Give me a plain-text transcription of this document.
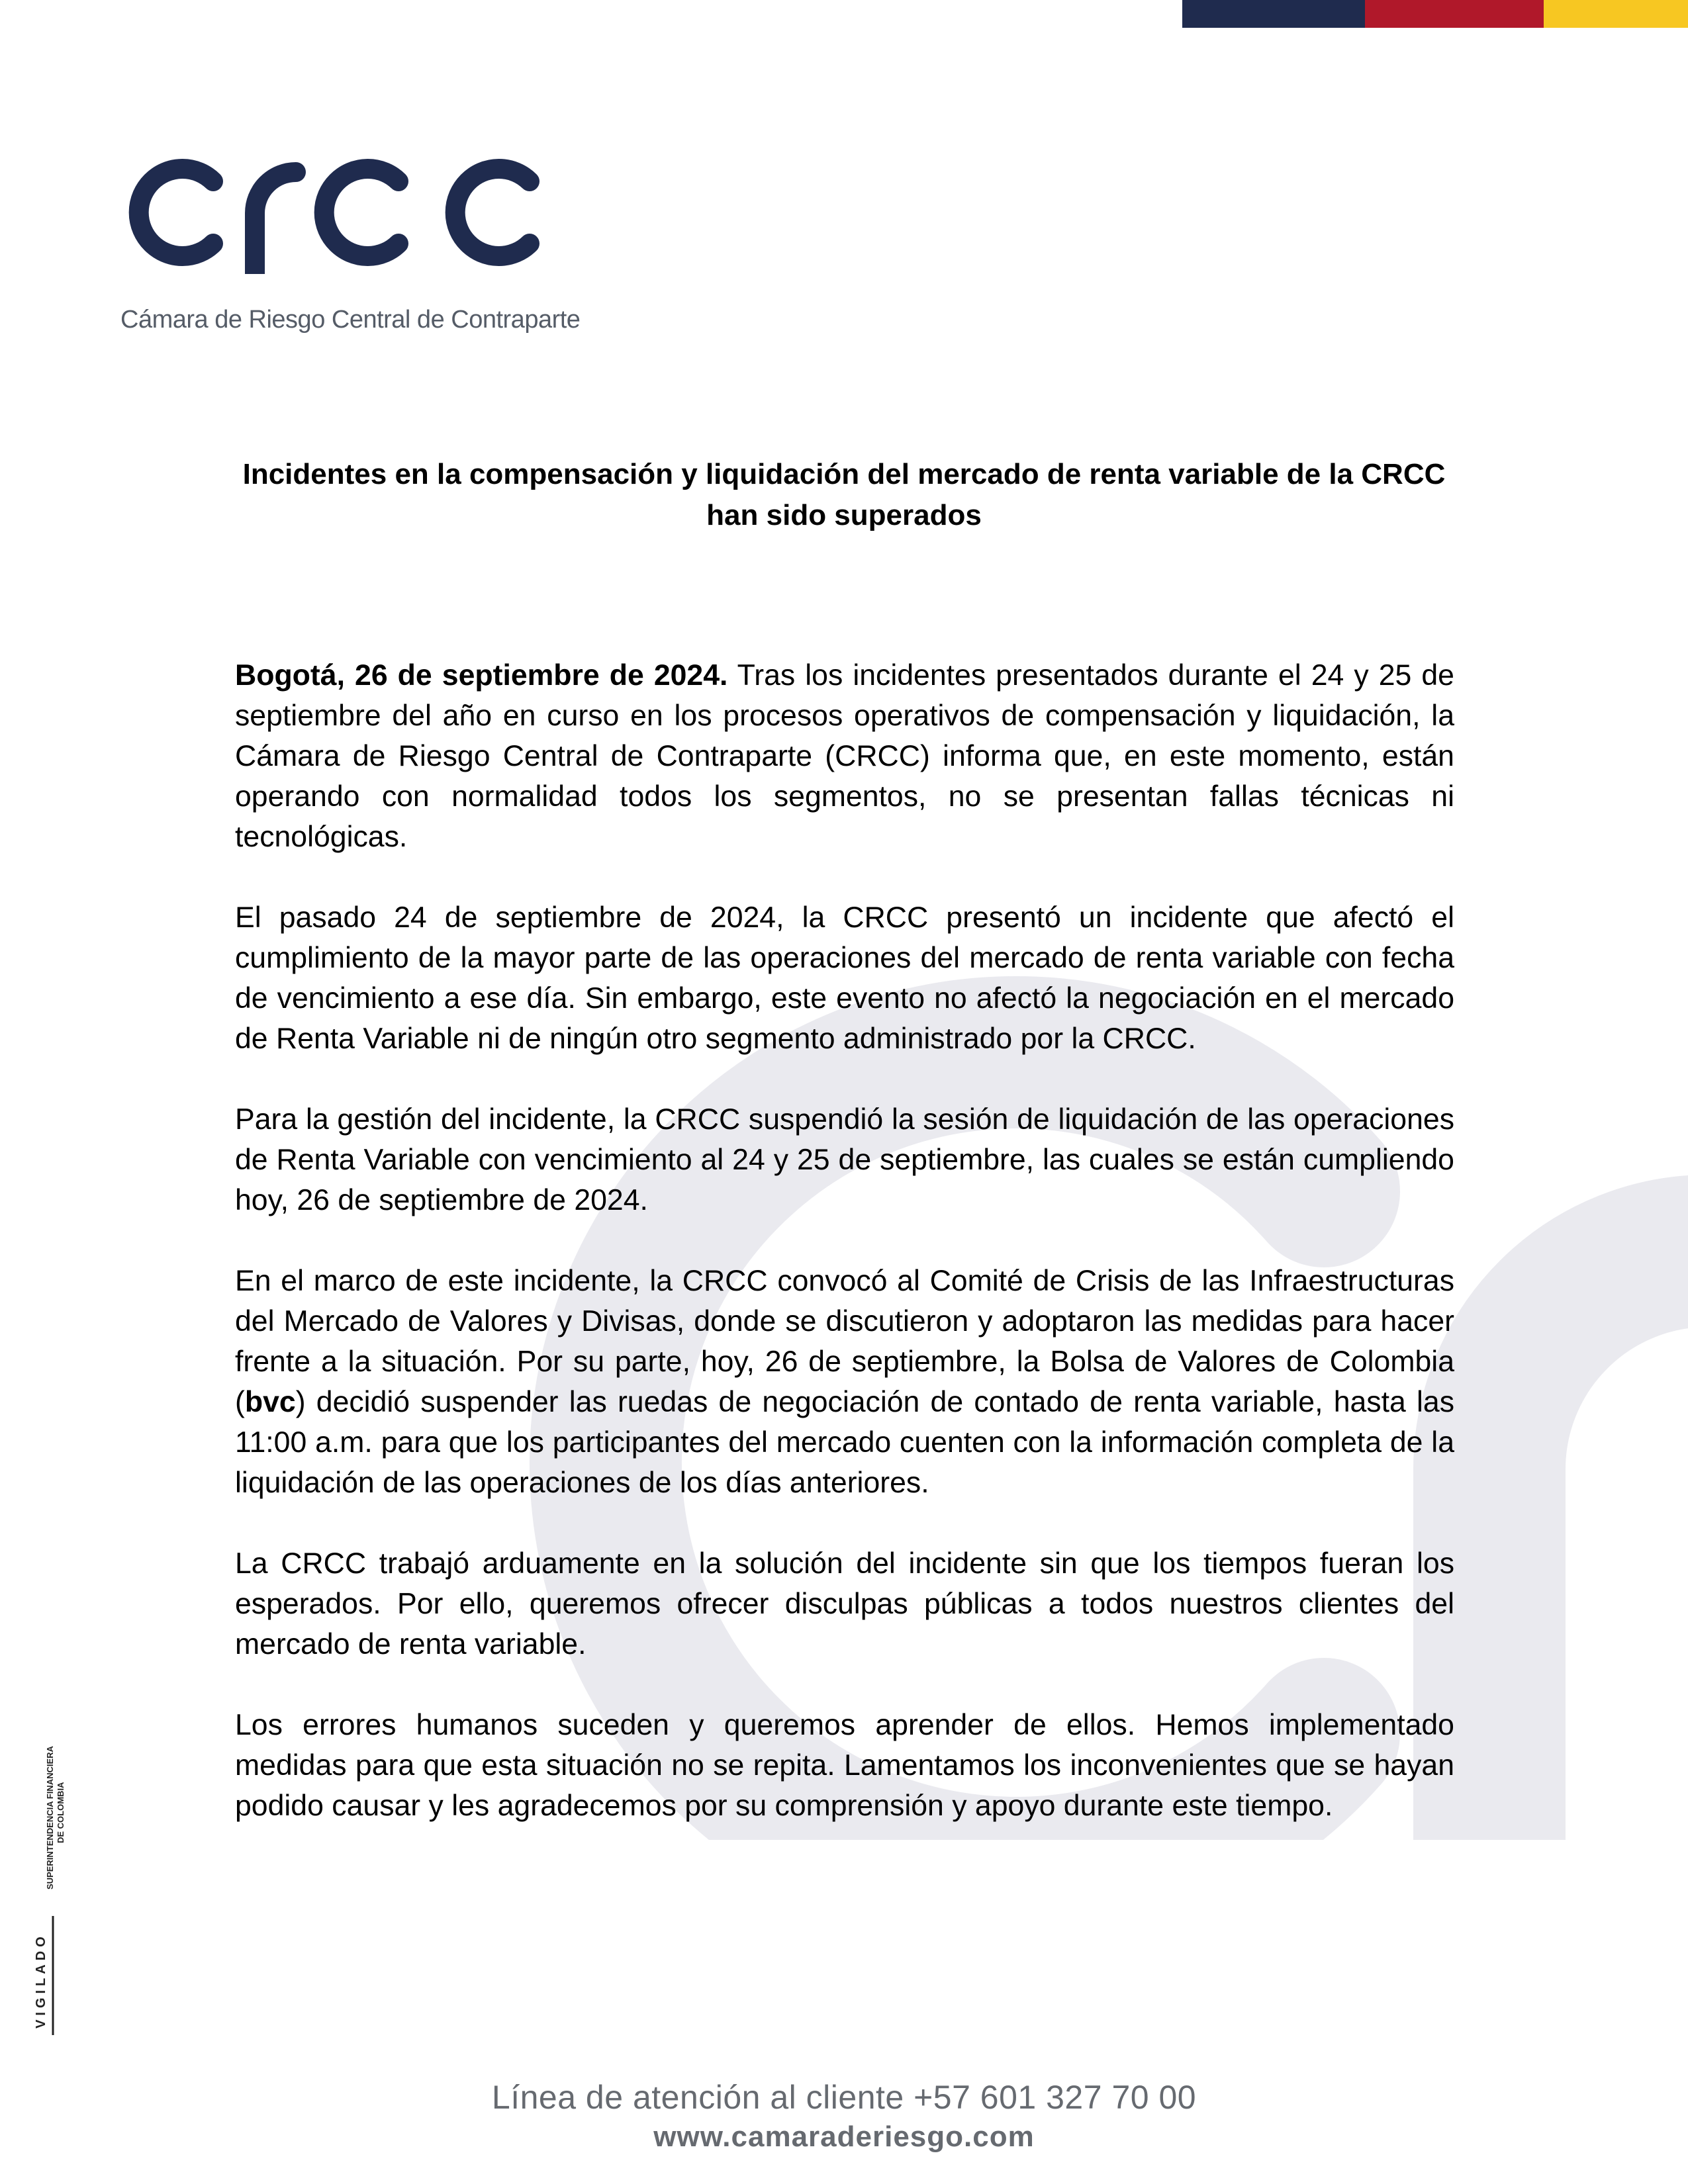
Cámara de Riesgo Central de Contraparte
Incidentes en la compensación y liquidación del mercado de renta variable de la CRCC
han sido superados

Bogotá, 26 de septiembre de 2024. Tras los incidentes presentados durante el 24 y 25 de septiembre del año en curso en los procesos operativos de compensación y liquidación, la Cámara de Riesgo Central de Contraparte (CRCC) informa que, en este momento, están operando con normalidad todos los segmentos, no se presentan fallas técnicas ni tecnológicas.

El pasado 24 de septiembre de 2024, la CRCC presentó un incidente que afectó el cumplimiento de la mayor parte de las operaciones del mercado de renta variable con fecha de vencimiento a ese día. Sin embargo, este evento no afectó la negociación en el mercado de Renta Variable ni de ningún otro segmento administrado por la CRCC.

Para la gestión del incidente, la CRCC suspendió la sesión de liquidación de las operaciones de Renta Variable con vencimiento al 24 y 25 de septiembre, las cuales se están cumpliendo hoy, 26 de septiembre de 2024.

En el marco de este incidente, la CRCC convocó al Comité de Crisis de las Infraestructuras del Mercado de Valores y Divisas, donde se discutieron y adoptaron las medidas para hacer frente a la situación. Por su parte, hoy, 26 de septiembre, la Bolsa de Valores de Colombia (bvc) decidió suspender las ruedas de negociación de contado de renta variable, hasta las 11:00 a.m. para que los participantes del mercado cuenten con la información completa de la liquidación de las operaciones de los días anteriores.

La CRCC trabajó arduamente en la solución del incidente sin que los tiempos fueran los esperados. Por ello, queremos ofrecer disculpas públicas a todos nuestros clientes del mercado de renta variable.

Los errores humanos suceden y queremos aprender de ellos. Hemos implementado medidas para que esta situación no se repita. Lamentamos los inconvenientes que se hayan podido causar y les agradecemos por su comprensión y apoyo durante este tiempo.

VIGILADO
SUPERINTENDENCIA FINANCIERA DE COLOMBIA
Línea de atención al cliente +57 601 327 70 00
www.camaraderiesgo.com
